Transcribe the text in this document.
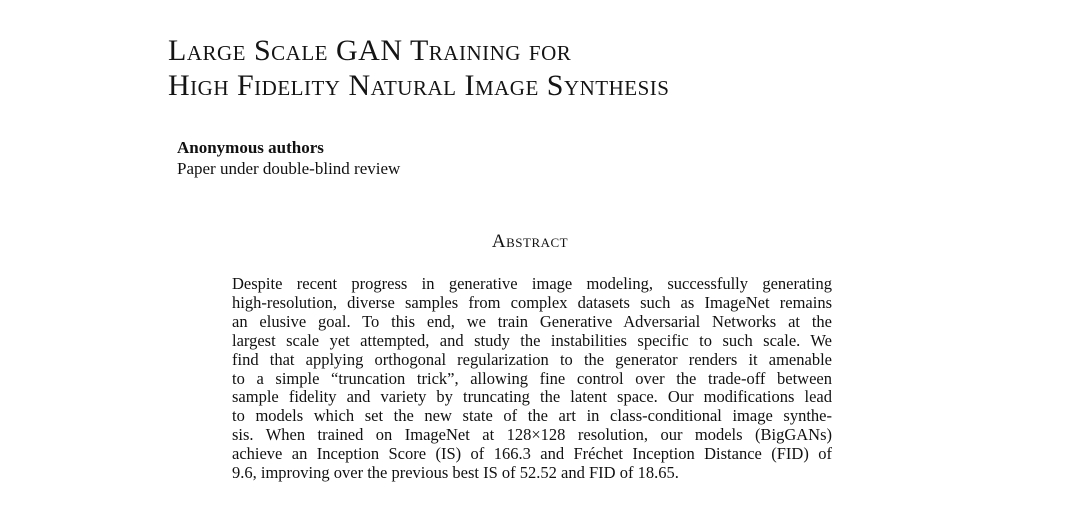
Large Scale GAN Training for
High Fidelity Natural Image Synthesis
Anonymous authors
Paper under double-blind review
Abstract
Despite recent progress in generative image modeling, successfully generating
high-resolution, diverse samples from complex datasets such as ImageNet remains
an elusive goal. To this end, we train Generative Adversarial Networks at the
largest scale yet attempted, and study the instabilities specific to such scale. We
find that applying orthogonal regularization to the generator renders it amenable
to a simple “truncation trick”, allowing fine control over the trade-off between
sample fidelity and variety by truncating the latent space. Our modifications lead
to models which set the new state of the art in class-conditional image synthe-
sis. When trained on ImageNet at 128×128 resolution, our models (BigGANs)
achieve an Inception Score (IS) of 166.3 and Fréchet Inception Distance (FID) of
9.6, improving over the previous best IS of 52.52 and FID of 18.65.
